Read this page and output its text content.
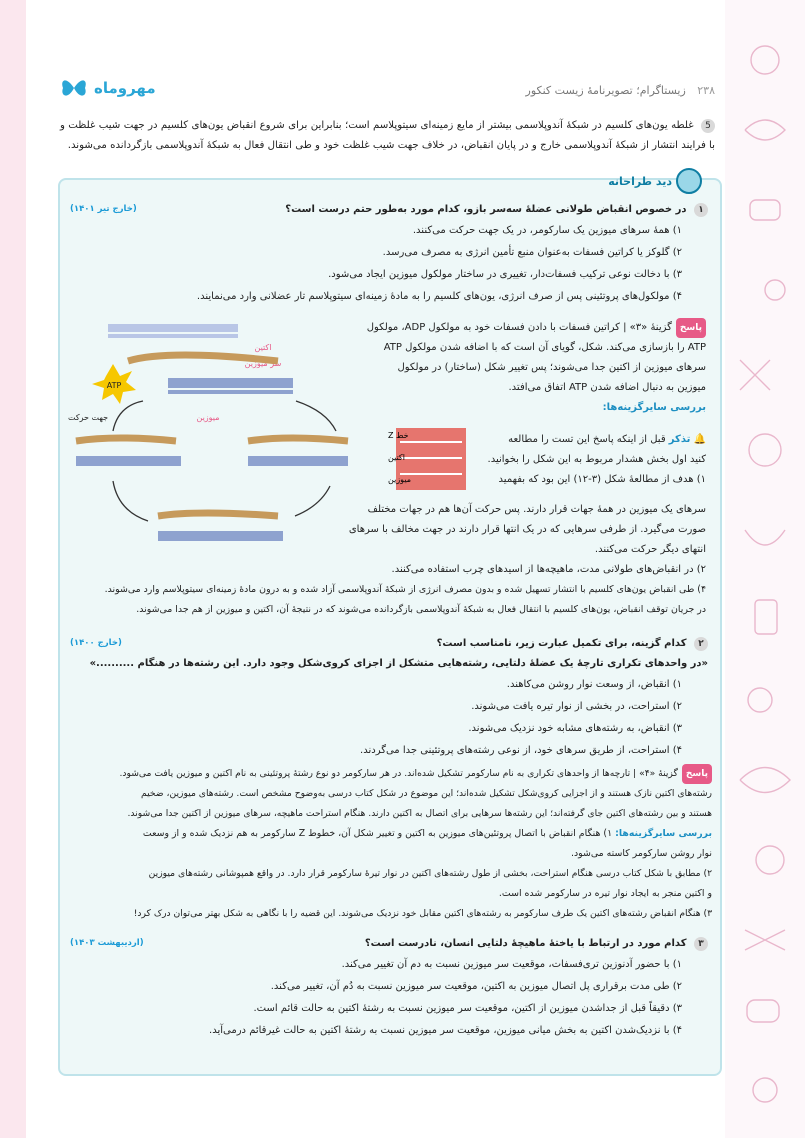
مهروماه	۲۳۸ زیستاگرام؛ تصویرنامهٔ زیست کنکور
5 غلطه یون‌های کلسیم در شبکهٔ آندوپلاسمی بیشتر از مایع زمینه‌ای سیتوپلاسم است؛ بنابراین برای شروع انقباض یون‌های کلسیم در جهت شیب غلظت و با فرایند انتشار از شبکهٔ آندوپلاسمی خارج و در پایان انقباض، در خلاف جهت شیب غلظت خود و طی انتقال فعال به شبکهٔ آندوپلاسمی بازگردانده می‌شوند.
دید طراحانه
(خارج تیر ۱۴۰۱)	۱ در خصوص انقباض طولانی عضلهٔ سه‌سر بازو، کدام مورد به‌طور حتم درست است؟
۱) همهٔ سرهای میوزین یک سارکومر، در یک جهت حرکت می‌کنند.
۲) گلوکز یا کراتین فسفات به‌عنوان منبع تأمین انرژی به مصرف می‌رسد.
۳) با دخالت نوعی ترکیب فسفات‌دار، تغییری در ساختار مولکول میوزین ایجاد می‌شود.
۴) مولکول‌های پروتئینی پس از صرف انرژی، یون‌های کلسیم را به مادهٔ زمینه‌ای سیتوپلاسم تار عضلانی وارد می‌نمایند.
پاسخگزینهٔ «۳» | کراتین فسفات با دادن فسفات خود به مولکول ADP، مولکول
ATP را بازسازی می‌کند. شکل، گویای آن است که با اضافه شدن مولکول ATP
سرهای میوزین از اکتین جدا می‌شوند؛ پس تغییر شکل (ساختار) در مولکول
میوزین به دنبال اضافه شدن ATP اتفاق می‌افتد.
بررسی سایرگزینه‌ها:
ATP
اکتین
سر میوزین
میوزین
جهت حرکت
خط Z
اکتین
میوزین
🔔 تذکر قبل از اینکه پاسخ این تست را مطالعه
کنید اول بخش هشدار مربوط به این شکل را بخوانید.
۱) هدف از مطالعهٔ شکل (۳-۱۲) این بود که بفهمید
سرهای یک میوزین در همهٔ جهات قرار دارند. پس حرکت آن‌ها هم در جهات مختلف
صورت می‌گیرد. از طرفی سرهایی که در یک انتها قرار دارند در جهت مخالف با سرهای
انتهای دیگر حرکت می‌کنند.
۲) در انقباض‌های طولانی مدت، ماهیچه‌ها از اسیدهای چرب استفاده می‌کنند.
۴) طی انقباض یون‌های کلسیم با انتشار تسهیل شده و بدون مصرف انرژی از شبکهٔ آندوپلاسمی آزاد شده و به درون مادهٔ زمینه‌ای سیتوپلاسم وارد می‌شوند.
در جریان توقف انقباض، یون‌های کلسیم با انتقال فعال به شبکهٔ آندوپلاسمی بازگردانده می‌شوند که در نتیجهٔ آن، اکتین و میوزین از هم جدا می‌شوند.
(خارج ۱۴۰۰)	۲ کدام گزینه، برای تکمیل عبارت زیر، نامناسب است؟
«در واحدهای تکراری تارچهٔ یک عضلهٔ دلتایی، رشته‌هایی متشکل از اجزای کروی‌شکل وجود دارد. این رشته‌ها در هنگام ..........»
۱) انقباض، از وسعت نوار روشن می‌کاهند.
۲) استراحت، در بخشی از نوار تیره یافت می‌شوند.
۳) انقباض، به رشته‌های مشابه خود نزدیک می‌شوند.
۴) استراحت، از طریق سرهای خود، از نوعی رشته‌های پروتئینی جدا می‌گردند.
پاسخگزینهٔ «۴» | تارچه‌ها از واحدهای تکراری به نام سارکومر تشکیل شده‌اند. در هر سارکومر دو نوع رشتهٔ پروتئینی به نام اکتین و میوزین یافت می‌شود.
رشته‌های اکتین نازک هستند و از اجزایی کروی‌شکل تشکیل شده‌اند؛ این موضوع در شکل کتاب درسی به‌وضوح مشخص است. رشته‌های میوزین، ضخیم
هستند و بین رشته‌های اکتین جای گرفته‌اند؛ این رشته‌ها سرهایی برای اتصال به اکتین دارند. هنگام استراحت ماهیچه، سرهای میوزین از اکتین جدا می‌شوند.
بررسی سایرگزینه‌ها: ۱) هنگام انقباض با اتصال پروتئین‌های میوزین به اکتین و تغییر شکل آن، خطوط Z سارکومر به هم نزدیک شده و از وسعت
نوار روشن سارکومر کاسته می‌شود.
۲) مطابق با شکل کتاب درسی هنگام استراحت، بخشی از طول رشته‌های اکتین در نوار تیرهٔ سارکومر قرار دارد. در واقع همپوشانی رشته‌های میوزین
و اکتین منجر به ایجاد نوار تیره در سارکومر شده است.
۳) هنگام انقباض رشته‌های اکتین یک طرف سارکومر به رشته‌های اکتین مقابل خود نزدیک می‌شوند. این قضیه را با نگاهی به شکل بهتر می‌توان درک کرد!
(اردیبهشت ۱۴۰۳)	۳ کدام مورد در ارتباط با یاختهٔ ماهیچهٔ دلتایی انسان، نادرست است؟
۱) با حضور آدنوزین تری‌فسفات، موقعیت سر میوزین نسبت به دم آن تغییر می‌کند.
۲) طی مدت برقراری پل اتصال میوزین به اکتین، موقعیت سر میوزین نسبت به دُم آن، تغییر می‌کند.
۳) دقیقاً قبل از جداشدن میوزین از اکتین، موقعیت سر میوزین نسبت به رشتهٔ اکتین به حالت قائم است.
۴) با نزدیک‌شدن اکتین به بخش میانی میوزین، موقعیت سر میوزین نسبت به رشتهٔ اکتین به حالت غیرقائم درمی‌آید.
